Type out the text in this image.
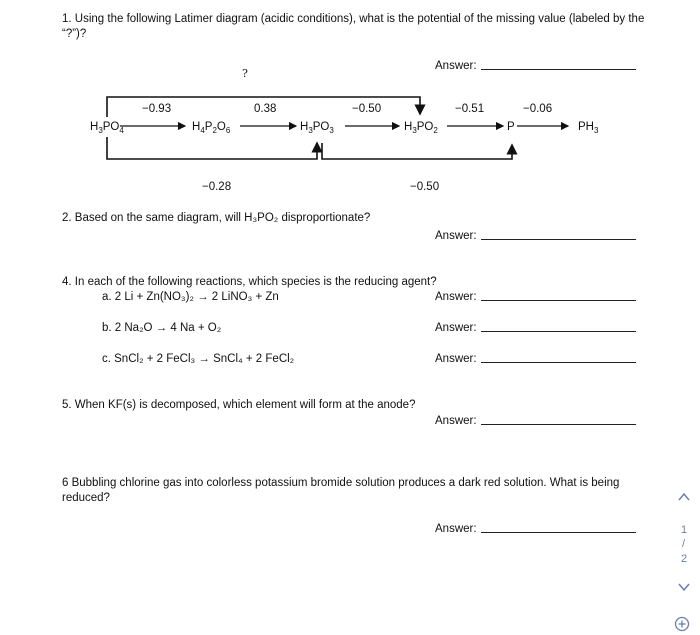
1. Using the following Latimer diagram (acidic conditions), what is the potential of the missing value (labeled by the “?”)?
Answer:
?
−0.93	0.38	−0.50	−0.51	−0.06
$H_3PO_4$	$H_4P_2O_6$	$H_3PO_3$	$H_3PO_2$	P	$PH_3$
−0.28	−0.50
2. Based on the same diagram, will H₃PO₂ disproportionate?
Answer:
4. In each of the following reactions, which species is the reducing agent?
a. 2 Li + Zn(NO₃)₂ → 2 LiNO₃ + Zn	Answer:
b. 2 Na₂O → 4 Na + O₂	Answer:
c. SnCl₂ + 2 FeCl₃ → SnCl₄ + 2 FeCl₂	Answer:
5. When KF(s) is decomposed, which element will form at the anode?
Answer:
6 Bubbling chlorine gas into colorless potassium bromide solution produces a dark red solution. What is being reduced?
Answer:	1
/
2
